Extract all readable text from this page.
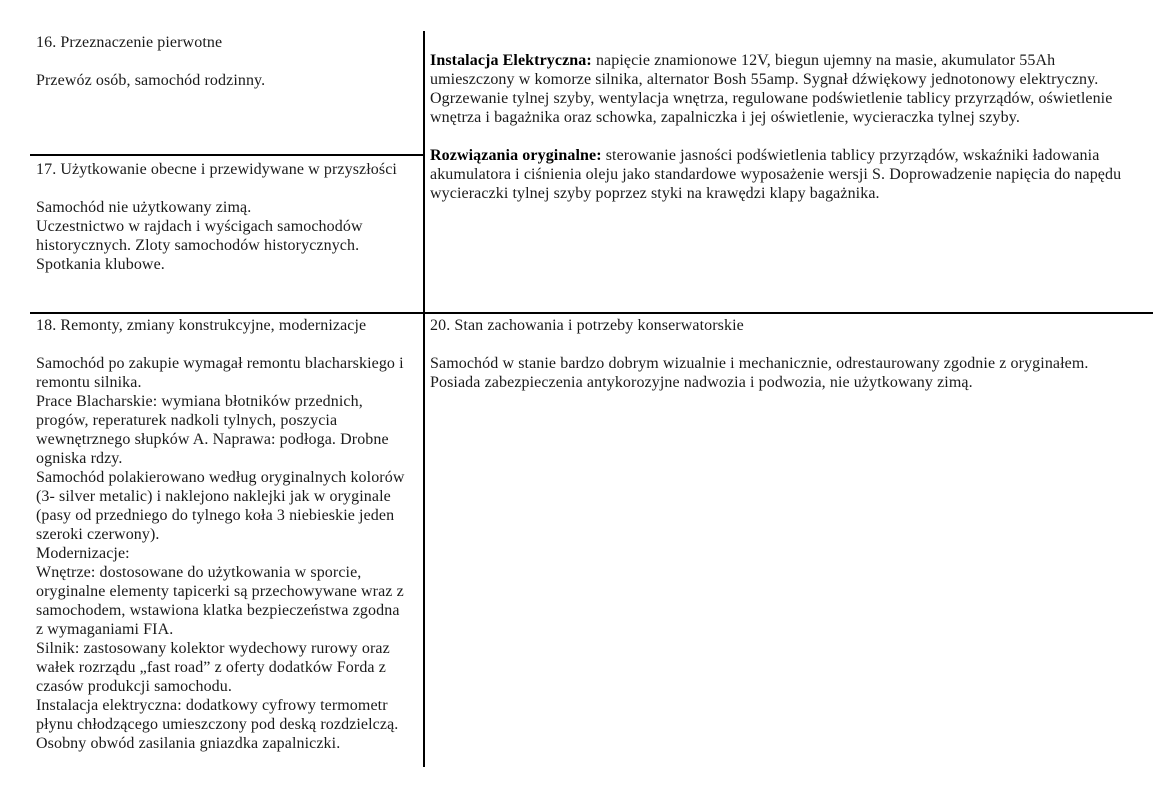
16. Przeznaczenie pierwotne
Przewóz osób, samochód rodzinny.
17. Użytkowanie obecne i przewidywane w przyszłości
Samochód nie użytkowany zimą.
Uczestnictwo w rajdach i wyścigach samochodów
historycznych. Zloty samochodów historycznych.
Spotkania klubowe.
18. Remonty, zmiany konstrukcyjne, modernizacje
Samochód po zakupie wymagał remontu blacharskiego i
remontu silnika.
Prace Blacharskie: wymiana błotników przednich,
progów, reperaturek nadkoli tylnych, poszycia
wewnętrznego słupków A. Naprawa: podłoga. Drobne
ogniska rdzy.
Samochód polakierowano według oryginalnych kolorów
(3- silver metalic) i naklejono naklejki jak w oryginale
(pasy od przedniego do tylnego koła 3 niebieskie jeden
szeroki czerwony).
Modernizacje:
Wnętrze: dostosowane do użytkowania w sporcie,
oryginalne elementy tapicerki są przechowywane wraz z
samochodem, wstawiona klatka bezpieczeństwa zgodna
z wymaganiami FIA.
Silnik: zastosowany kolektor wydechowy rurowy oraz
wałek rozrządu „fast road” z oferty dodatków Forda z
czasów produkcji samochodu.
Instalacja elektryczna: dodatkowy cyfrowy termometr
płynu chłodzącego umieszczony pod deską rozdzielczą.
Osobny obwód zasilania gniazdka zapalniczki.
Instalacja Elektryczna: napięcie znamionowe 12V, biegun ujemny na masie, akumulator 55Ah
umieszczony w komorze silnika, alternator Bosh 55amp. Sygnał dźwiękowy jednotonowy elektryczny.
Ogrzewanie tylnej szyby, wentylacja wnętrza, regulowane podświetlenie tablicy przyrządów, oświetlenie
wnętrza i bagażnika oraz schowka, zapalniczka i jej oświetlenie, wycieraczka tylnej szyby.
Rozwiązania oryginalne: sterowanie jasności podświetlenia tablicy przyrządów, wskaźniki ładowania
akumulatora i ciśnienia oleju jako standardowe wyposażenie wersji S. Doprowadzenie napięcia do napędu
wycieraczki tylnej szyby poprzez styki na krawędzi klapy bagażnika.
20. Stan zachowania i potrzeby konserwatorskie
Samochód w stanie bardzo dobrym wizualnie i mechanicznie, odrestaurowany zgodnie z oryginałem.
Posiada zabezpieczenia antykorozyjne nadwozia i podwozia, nie użytkowany zimą.
